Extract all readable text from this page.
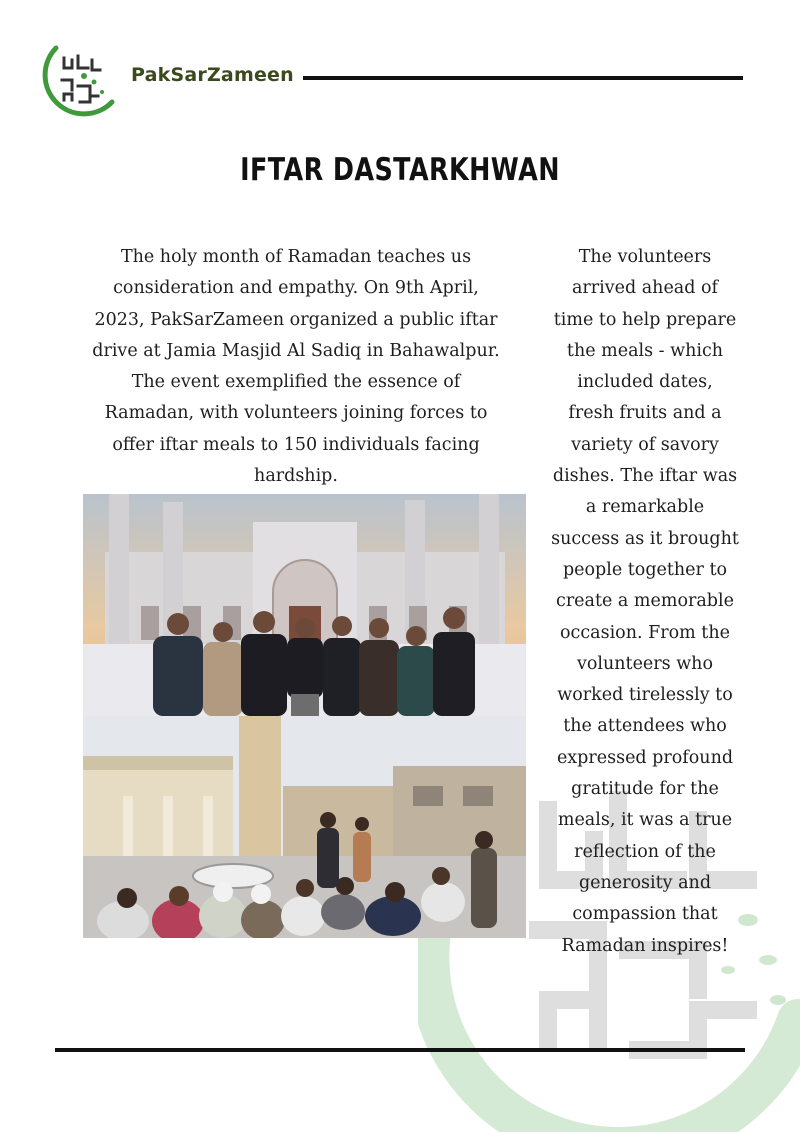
PakSarZameen
IFTAR DASTARKHWAN
The holy month of Ramadan teaches us
consideration and empathy. On 9th April,
2023, PakSarZameen organized a public iftar
drive at Jamia Masjid Al Sadiq in Bahawalpur.
The event exemplified the essence of
Ramadan, with volunteers joining forces to
offer iftar meals to 150 individuals facing
hardship.
The volunteers
arrived ahead of
time to help prepare
the meals - which
included dates,
fresh fruits and a
variety of savory
dishes. The iftar was
a remarkable
success as it brought
people together to
create a memorable
occasion. From the
volunteers who
worked tirelessly to
the attendees who
expressed profound
gratitude for the
meals, it was a true
reflection of the
generosity and
compassion that
Ramadan inspires!
